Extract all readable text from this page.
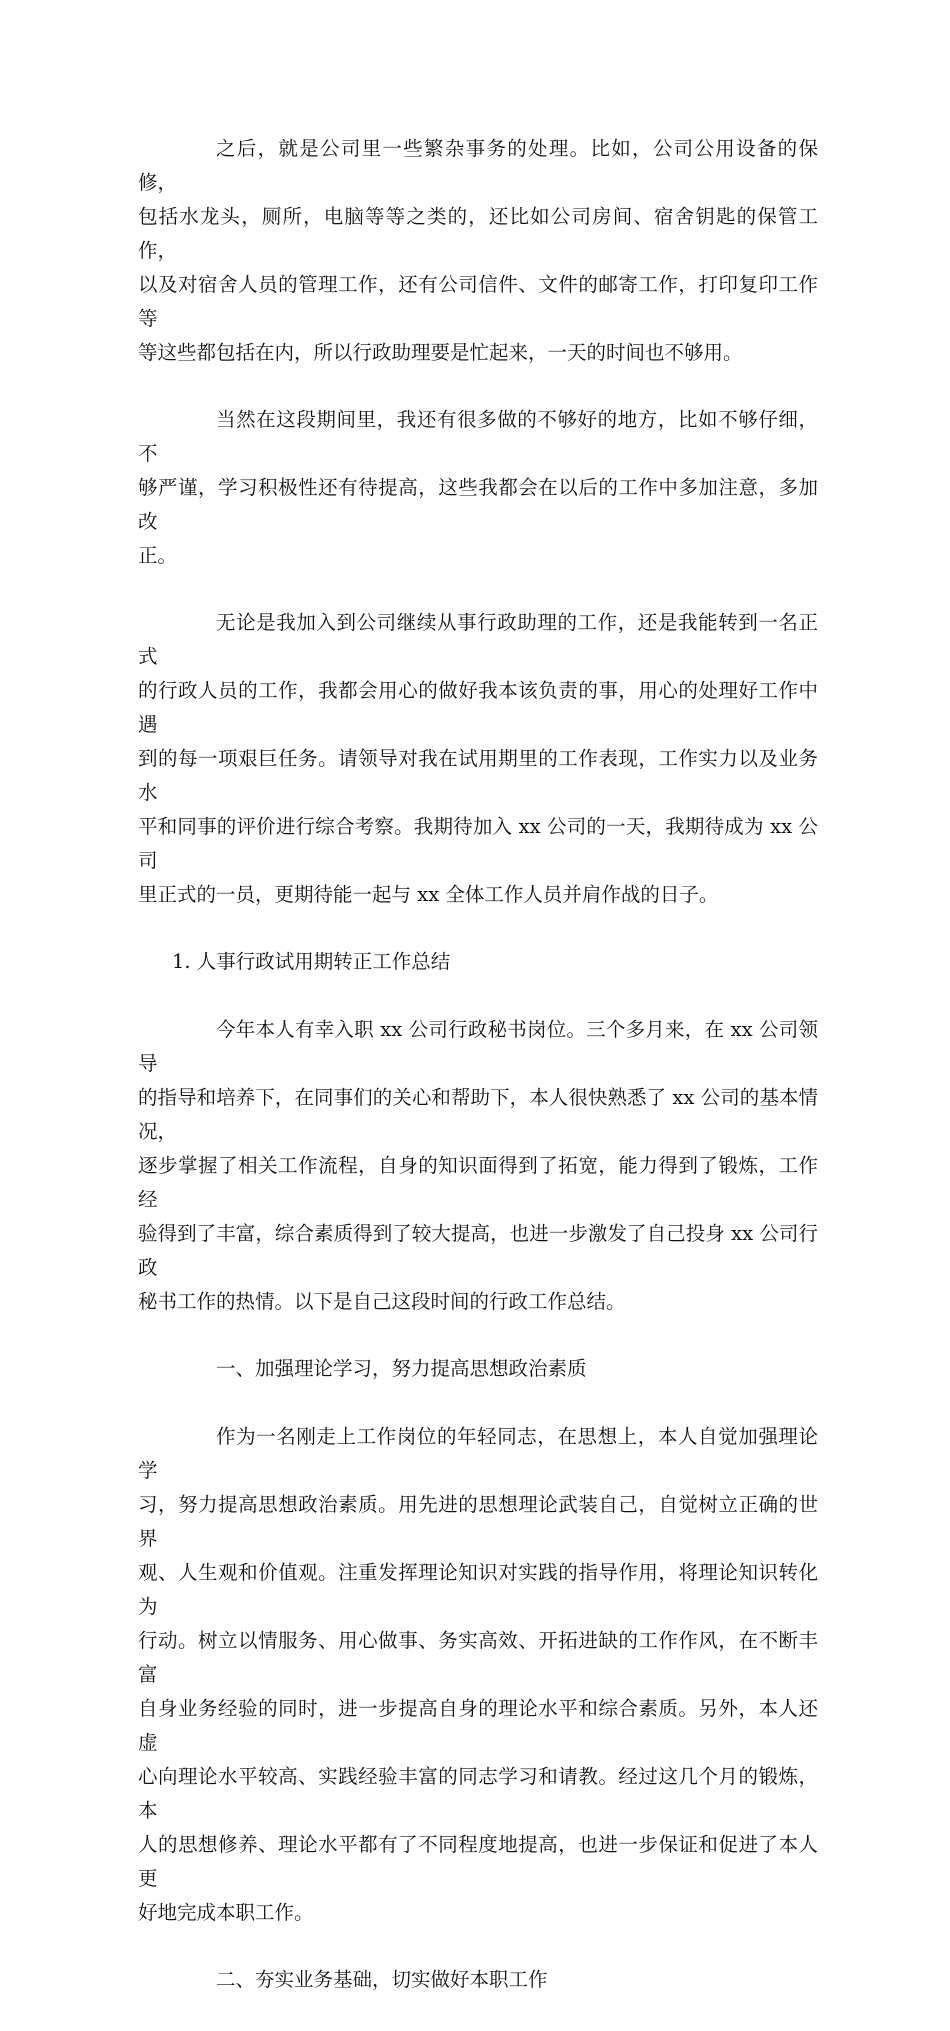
之后，就是公司里一些繁杂事务的处理。比如，公司公用设备的保修，
包括水龙头，厕所，电脑等等之类的，还比如公司房间、宿舍钥匙的保管工作，
以及对宿舍人员的管理工作，还有公司信件、文件的邮寄工作，打印复印工作等
等这些都包括在内，所以行政助理要是忙起来，一天的时间也不够用。

当然在这段期间里，我还有很多做的不够好的地方，比如不够仔细，不
够严谨，学习积极性还有待提高，这些我都会在以后的工作中多加注意，多加改
正。

无论是我加入到公司继续从事行政助理的工作，还是我能转到一名正式
的行政人员的工作，我都会用心的做好我本该负责的事，用心的处理好工作中遇
到的每一项艰巨任务。请领导对我在试用期里的工作表现，工作实力以及业务水
平和同事的评价进行综合考察。我期待加入 xx 公司的一天，我期待成为 xx 公司
里正式的一员，更期待能一起与 xx 全体工作人员并肩作战的日子。

1. 人事行政试用期转正工作总结

今年本人有幸入职 xx 公司行政秘书岗位。三个多月来，在 xx 公司领导
的指导和培养下，在同事们的关心和帮助下，本人很快熟悉了 xx 公司的基本情况，
逐步掌握了相关工作流程，自身的知识面得到了拓宽，能力得到了锻炼，工作经
验得到了丰富，综合素质得到了较大提高，也进一步激发了自己投身 xx 公司行政
秘书工作的热情。以下是自己这段时间的行政工作总结。

一、加强理论学习，努力提高思想政治素质

作为一名刚走上工作岗位的年轻同志，在思想上，本人自觉加强理论学
习，努力提高思想政治素质。用先进的思想理论武装自己，自觉树立正确的世界
观、人生观和价值观。注重发挥理论知识对实践的指导作用，将理论知识转化为
行动。树立以情服务、用心做事、务实高效、开拓进缺的工作作风，在不断丰富
自身业务经验的同时，进一步提高自身的理论水平和综合素质。另外，本人还虚
心向理论水平较高、实践经验丰富的同志学习和请教。经过这几个月的锻炼，本
人的思想修养、理论水平都有了不同程度地提高，也进一步保证和促进了本人更
好地完成本职工作。

二、夯实业务基础，切实做好本职工作
